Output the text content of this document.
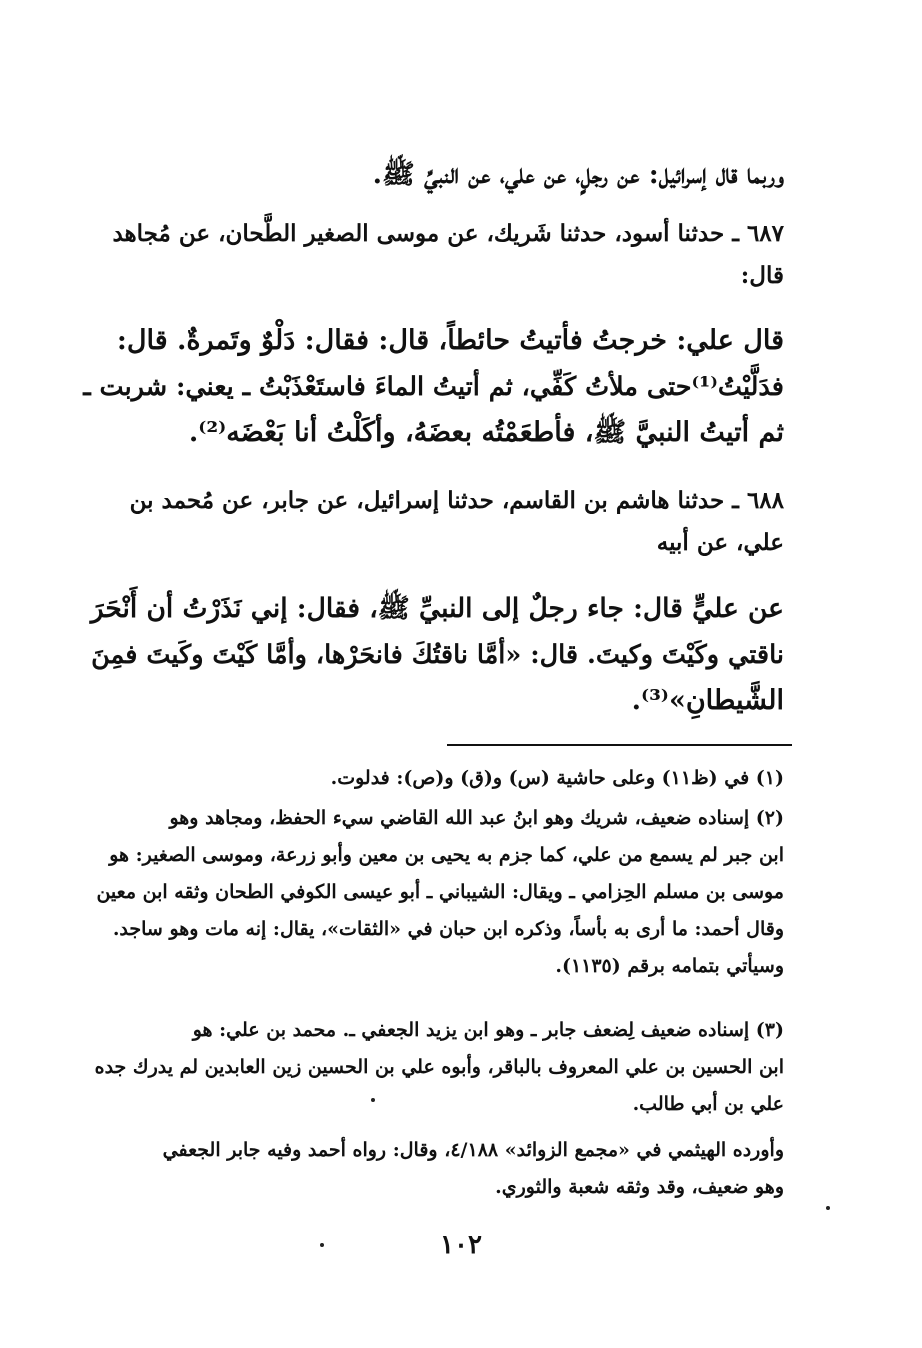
وربما قال إسرائيل: عن رجلٍ، عن علي، عن النبيِّ ﷺ.

٦٨٧ ـ حدثنا أسود، حدثنا شَريك، عن موسى الصغير الطَّحان، عن مُجاهد
قال:

قال علي: خرجتُ فأتيتُ حائطاً، قال: فقال: دَلْوٌ وتَمرةٌ. قال:
فدَلَّيْتُ⁽¹⁾حتى ملأتُ كَفِّي، ثم أتيتُ الماءَ فاستَعْذَبْتُ ـ يعني: شربت ـ
ثم أتيتُ النبيَّ ﷺ، فأطعَمْتُه بعضَهُ، وأكَلْتُ أنا بَعْضَه⁽²⁾.

٦٨٨ ـ حدثنا هاشم بن القاسم، حدثنا إسرائيل، عن جابر، عن مُحمد بن
علي، عن أبيه

عن عليٍّ قال: جاء رجلٌ إلى النبيِّ ﷺ، فقال: إني نَذَرْتُ أن أَنْحَرَ
ناقتي وكَيْتَ وكيتَ. قال: «أمَّا ناقتُكَ فانحَرْها، وأمَّا كَيْتَ وكَيتَ فمِنَ
الشَّيطانِ»⁽³⁾.

(١) في (ظ١١) وعلى حاشية (س) و(ق) و(ص): فدلوت.
(٢) إسناده ضعيف، شريك وهو ابنُ عبد الله القاضي سيء الحفظ، ومجاهد وهو
ابن جبر لم يسمع من علي، كما جزم به يحيى بن معين وأبو زرعة، وموسى الصغير: هو
موسى بن مسلم الحِزامي ـ ويقال: الشيباني ـ أبو عيسى الكوفي الطحان وثقه ابن معين
وقال أحمد: ما أرى به بأساً، وذكره ابن حبان في «الثقات»، يقال: إنه مات وهو ساجد.
وسيأتي بتمامه برقم (١١٣٥).
(٣) إسناده ضعيف لِضعف جابر ـ وهو ابن يزيد الجعفي ـ. محمد بن علي: هو
ابن الحسين بن علي المعروف بالباقر، وأبوه علي بن الحسين زين العابدين لم يدرك جده
علي بن أبي طالب.
وأورده الهيثمي في «مجمع الزوائد» ٤/١٨٨، وقال: رواه أحمد وفيه جابر الجعفي
وهو ضعيف، وقد وثقه شعبة والثوري.
١٠٢
